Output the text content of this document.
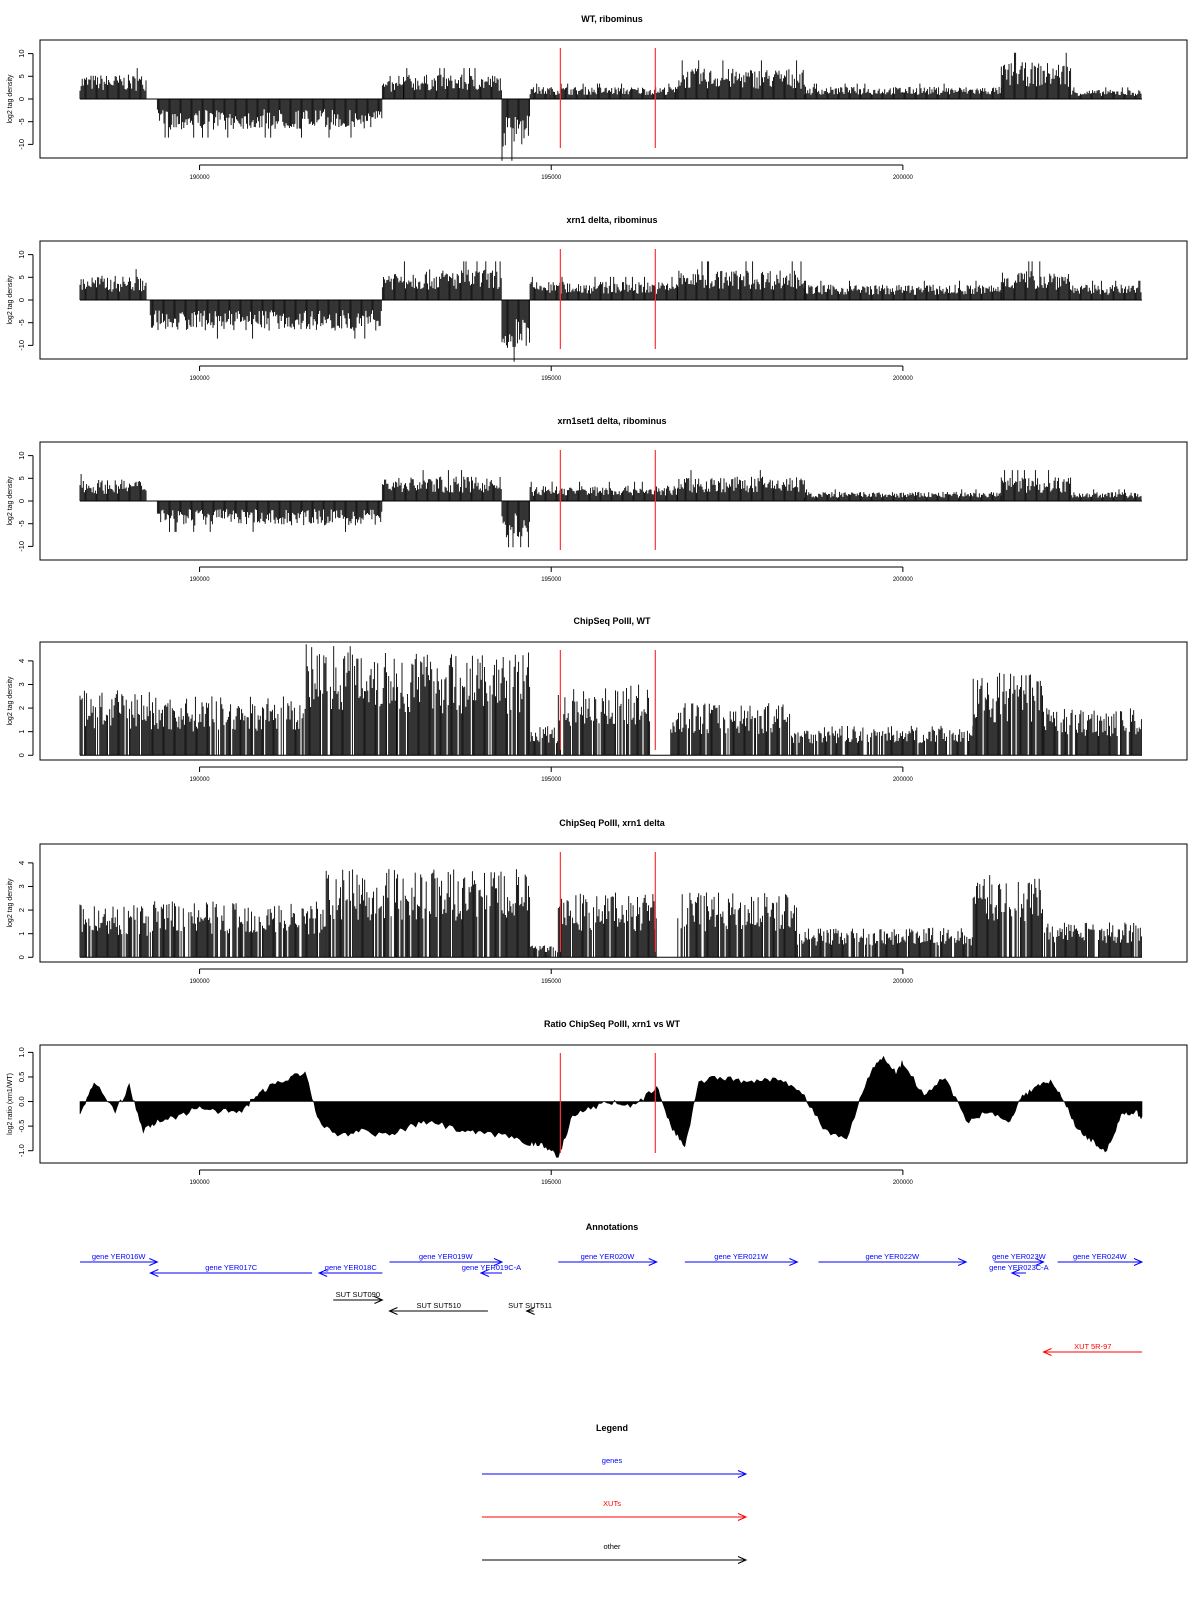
WT, ribominus
log2 tag density
10
5
0
-5
-10
190000	195000	200000
xrn1 delta, ribominus
log2 tag density
10
5
0
-5
-10
190000	195000	200000
xrn1set1 delta, ribominus
log2 tag density
10
5
0
-5
-10
190000	195000	200000
ChipSeq PolII, WT
log2 tag density
4
3
2
1
0
190000	195000	200000
ChipSeq PolII, xrn1 delta
log2 tag density
4
3
2
1
0
190000	195000	200000
Ratio ChipSeq PolII, xrn1 vs WT
log2 ratio (xrn1/WT)
1.0
0.5
0.0
-0.5
-1.0
190000	195000	200000
Annotations
gene YER016W
gene YER017C	gene YER018C
gene YER019W
gene YER019C-A
gene YER020W	gene YER021W	gene YER022W	gene YER023W
gene YER023C-A
gene YER024W
SUT SUT090
SUT SUT510	SUT SUT511
XUT 5R-97
Legend
genes
XUTs
other
